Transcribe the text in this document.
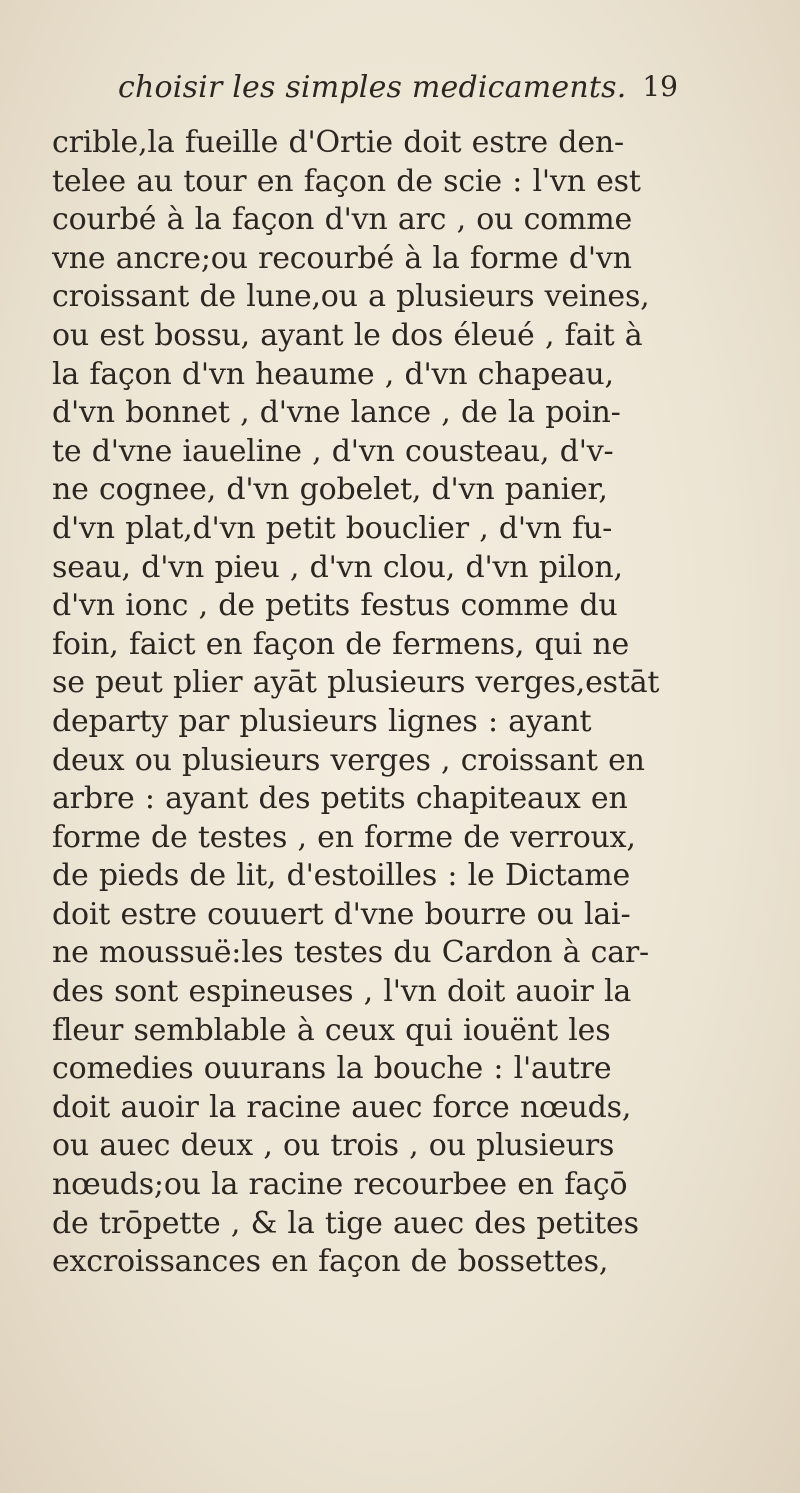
choisir les simples medicaments. 19
crible,la fueille d'Ortie doit estre den-
telee au tour en façon de scie : l'vn est
courbé à la façon d'vn arc , ou comme
vne ancre;ou recourbé à la forme d'vn
croissant de lune,ou a plusieurs veines,
ou est bossu, ayant le dos éleué , fait à
la façon d'vn heaume , d'vn chapeau,
d'vn bonnet , d'vne lance , de la poin-
te d'vne iaueline , d'vn cousteau, d'v-
ne cognee, d'vn gobelet, d'vn panier,
d'vn plat,d'vn petit bouclier , d'vn fu-
seau, d'vn pieu , d'vn clou, d'vn pilon,
d'vn ionc , de petits festus comme du
foin, faict en façon de fermens, qui ne
se peut plier ayāt plusieurs verges,estāt
departy par plusieurs lignes : ayant
deux ou plusieurs verges , croissant en
arbre : ayant des petits chapiteaux en
forme de testes , en forme de verroux,
de pieds de lit, d'estoilles : le Dictame
doit estre couuert d'vne bourre ou lai-
ne moussuë:les testes du Cardon à car-
des sont espineuses , l'vn doit auoir la
fleur semblable à ceux qui iouënt les
comedies ouurans la bouche : l'autre
doit auoir la racine auec force nœuds,
ou auec deux , ou trois , ou plusieurs
nœuds;ou la racine recourbee en façō
de trōpette , & la tige auec des petites
excroissances en façon de bossettes,
